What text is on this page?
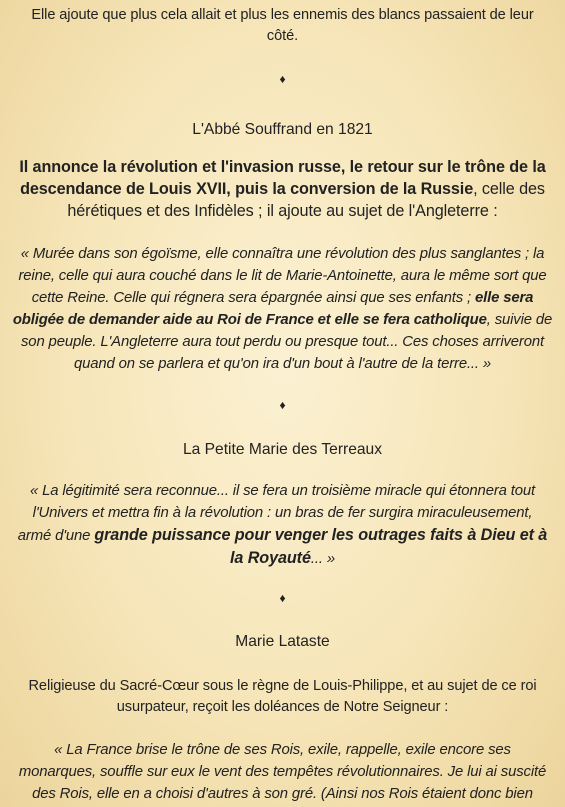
Elle ajoute que plus cela allait et plus les ennemis des blancs passaient de leur côté.

♦

L'Abbé Souffrand en 1821

Il annonce la révolution et l'invasion russe, le retour sur le trône de la descendance de Louis XVII, puis la conversion de la Russie, celle des hérétiques et des Infidèles ; il ajoute au sujet de l'Angleterre :

« Murée dans son égoïsme, elle connaîtra une révolution des plus sanglantes ; la reine, celle qui aura couché dans le lit de Marie-Antoinette, aura le même sort que cette Reine. Celle qui régnera sera épargnée ainsi que ses enfants ; elle sera obligée de demander aide au Roi de France et elle se fera catholique, suivie de son peuple. L'Angleterre aura tout perdu ou presque tout... Ces choses arriveront quand on se parlera et qu'on ira d'un bout à l'autre de la terre... »

♦

La Petite Marie des Terreaux

« La légitimité sera reconnue... il se fera un troisième miracle qui étonnera tout l'Univers et mettra fin à la révolution : un bras de fer surgira miraculeusement, armé d'une grande puissance pour venger les outrages faits à Dieu et à la Royauté... »

♦

Marie Lataste

Religieuse du Sacré-Cœur sous le règne de Louis-Philippe, et au sujet de ce roi usurpateur, reçoit les doléances de Notre Seigneur :

« La France brise le trône de ses Rois, exile, rappelle, exile encore ses monarques, souffle sur eux le vent des tempêtes révolutionnaires. Je lui ai suscité des Rois, elle en a choisi d'autres à son gré. (Ainsi nos Rois étaient donc bien
